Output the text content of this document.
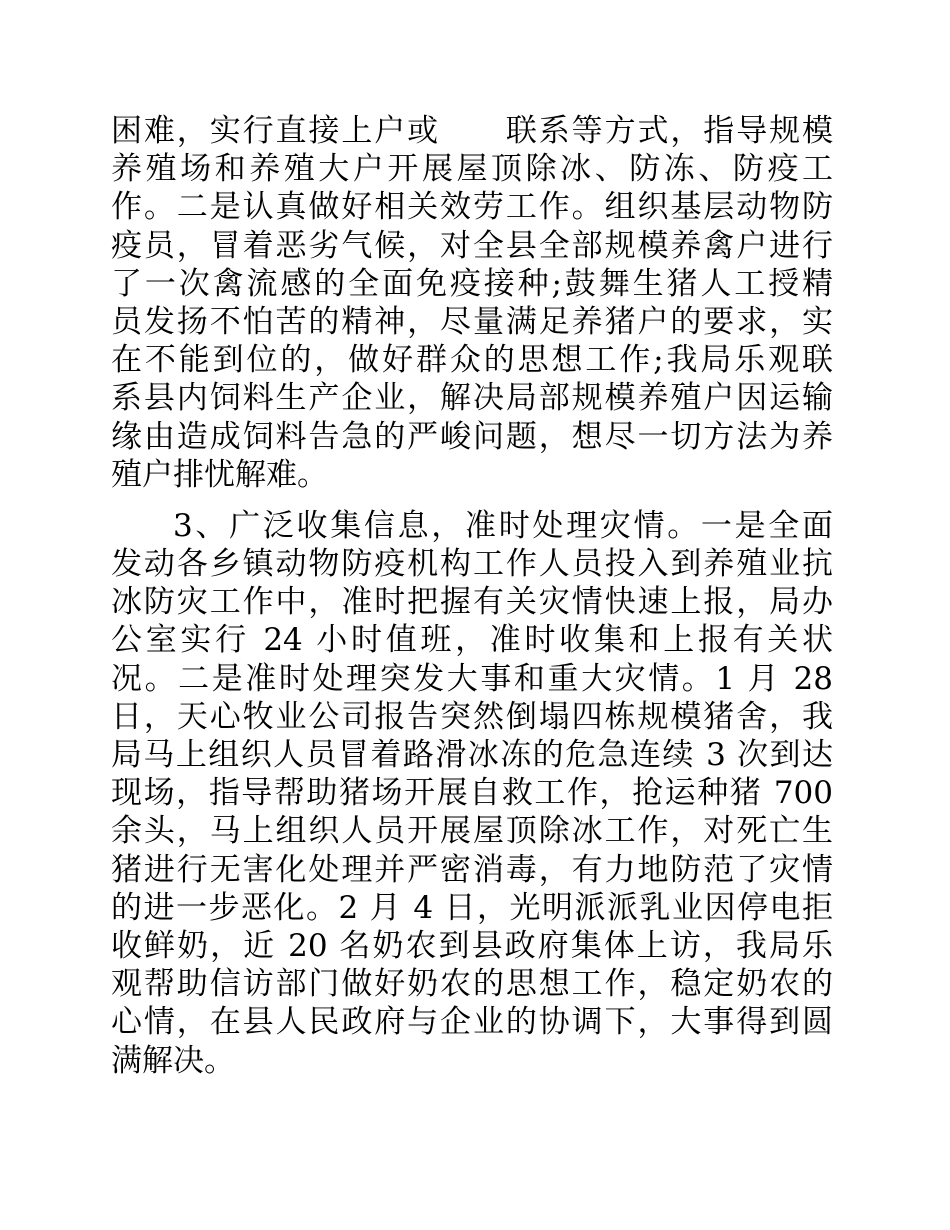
困难，实行直接上户或　　联系等方式，指导规模
养殖场和养殖大户开展屋顶除冰、防冻、防疫工
作。二是认真做好相关效劳工作。组织基层动物防
疫员，冒着恶劣气候，对全县全部规模养禽户进行
了一次禽流感的全面免疫接种;鼓舞生猪人工授精
员发扬不怕苦的精神，尽量满足养猪户的要求，实
在不能到位的，做好群众的思想工作;我局乐观联
系县内饲料生产企业，解决局部规模养殖户因运输
缘由造成饲料告急的严峻问题，想尽一切方法为养
殖户排忧解难。
3、广泛收集信息，准时处理灾情。一是全面
发动各乡镇动物防疫机构工作人员投入到养殖业抗
冰防灾工作中，准时把握有关灾情快速上报，局办
公室实行 24 小时值班，准时收集和上报有关状
况。二是准时处理突发大事和重大灾情。1 月 28
日，天心牧业公司报告突然倒塌四栋规模猪舍，我
局马上组织人员冒着路滑冰冻的危急连续 3 次到达
现场，指导帮助猪场开展自救工作，抢运种猪 700
余头，马上组织人员开展屋顶除冰工作，对死亡生
猪进行无害化处理并严密消毒，有力地防范了灾情
的进一步恶化。2 月 4 日，光明派派乳业因停电拒
收鲜奶，近 20 名奶农到县政府集体上访，我局乐
观帮助信访部门做好奶农的思想工作，稳定奶农的
心情，在县人民政府与企业的协调下，大事得到圆
满解决。
